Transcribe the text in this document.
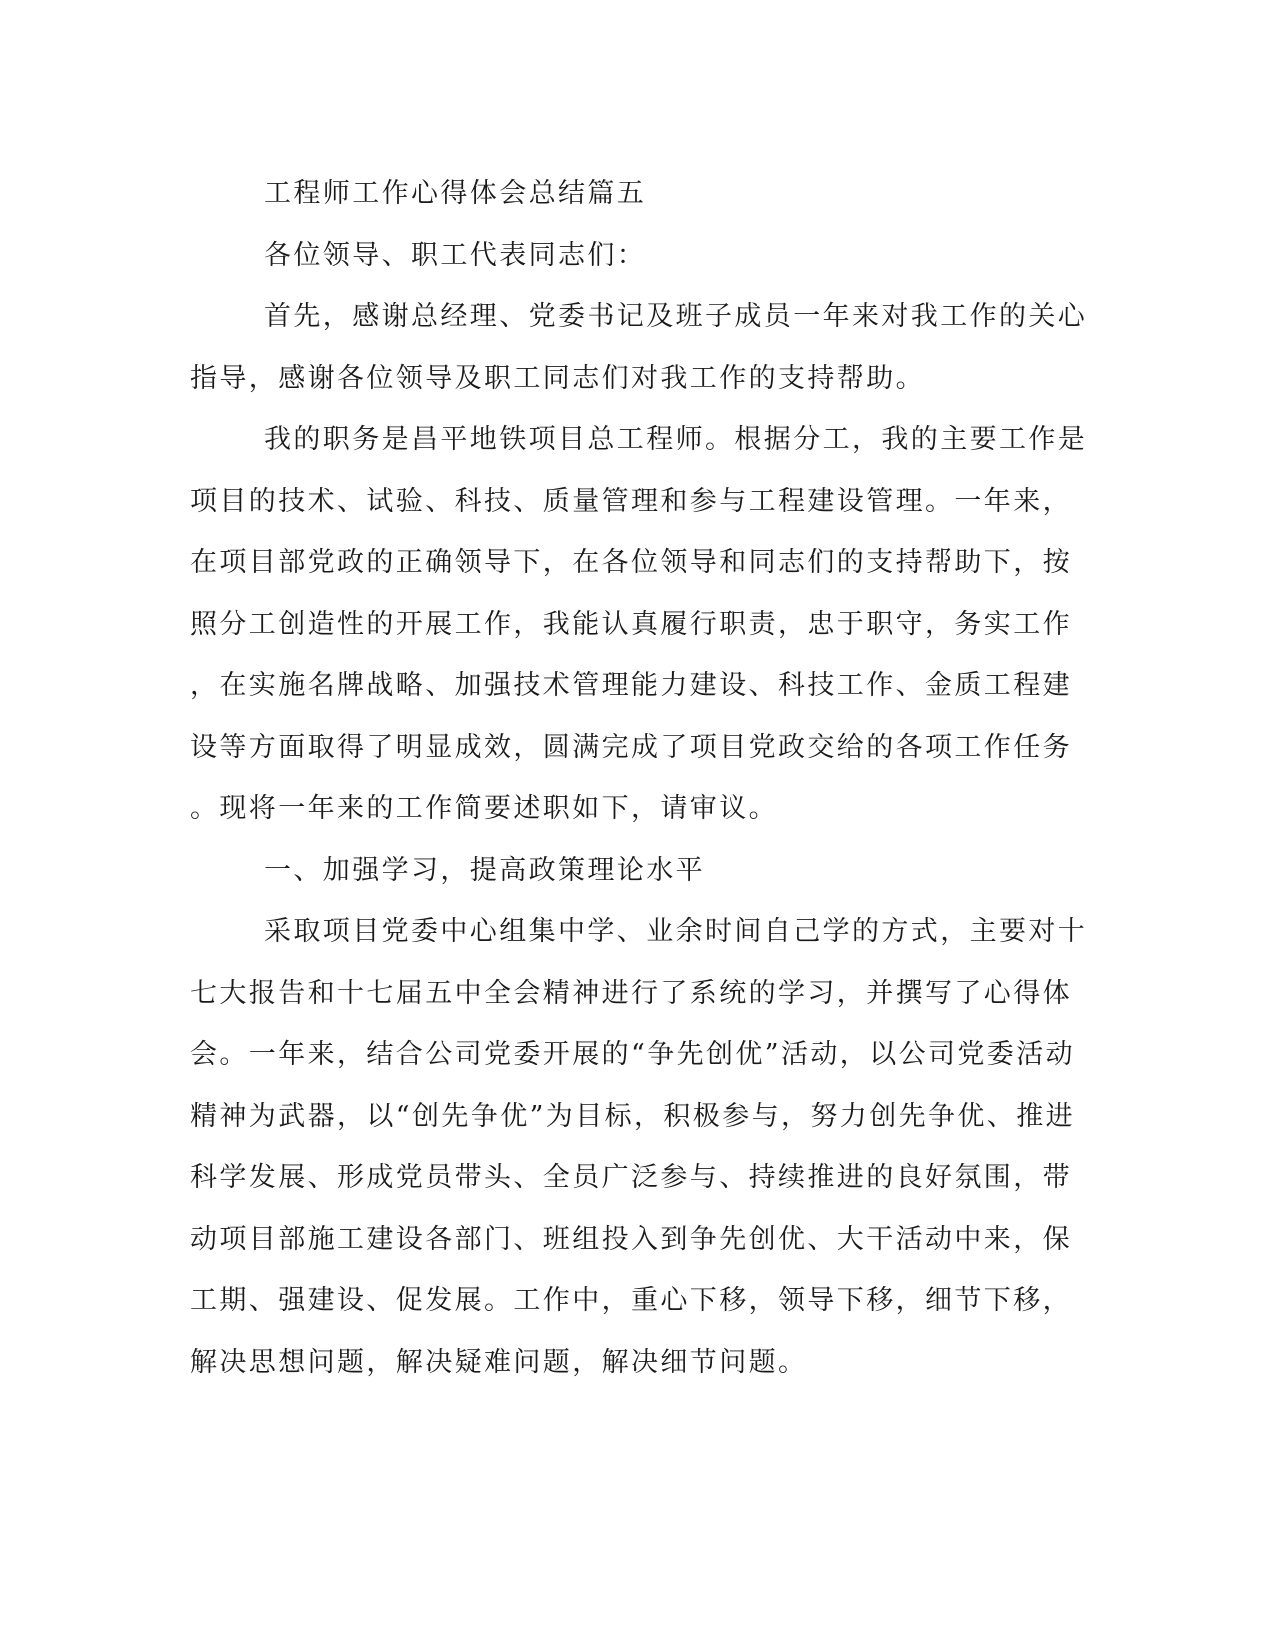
工程师工作心得体会总结篇五
各位领导、职工代表同志们：
首先，感谢总经理、党委书记及班子成员一年来对我工作的关心
指导，感谢各位领导及职工同志们对我工作的支持帮助。
我的职务是昌平地铁项目总工程师。根据分工，我的主要工作是
项目的技术、试验、科技、质量管理和参与工程建设管理。一年来，
在项目部党政的正确领导下，在各位领导和同志们的支持帮助下，按
照分工创造性的开展工作，我能认真履行职责，忠于职守，务实工作
，在实施名牌战略、加强技术管理能力建设、科技工作、金质工程建
设等方面取得了明显成效，圆满完成了项目党政交给的各项工作任务
。现将一年来的工作简要述职如下，请审议。
一、加强学习，提高政策理论水平
采取项目党委中心组集中学、业余时间自己学的方式，主要对十
七大报告和十七届五中全会精神进行了系统的学习，并撰写了心得体
会。一年来，结合公司党委开展的“争先创优”活动，以公司党委活动
精神为武器，以“创先争优”为目标，积极参与，努力创先争优、推进
科学发展、形成党员带头、全员广泛参与、持续推进的良好氛围，带
动项目部施工建设各部门、班组投入到争先创优、大干活动中来，保
工期、强建设、促发展。工作中，重心下移，领导下移，细节下移，
解决思想问题，解决疑难问题，解决细节问题。
